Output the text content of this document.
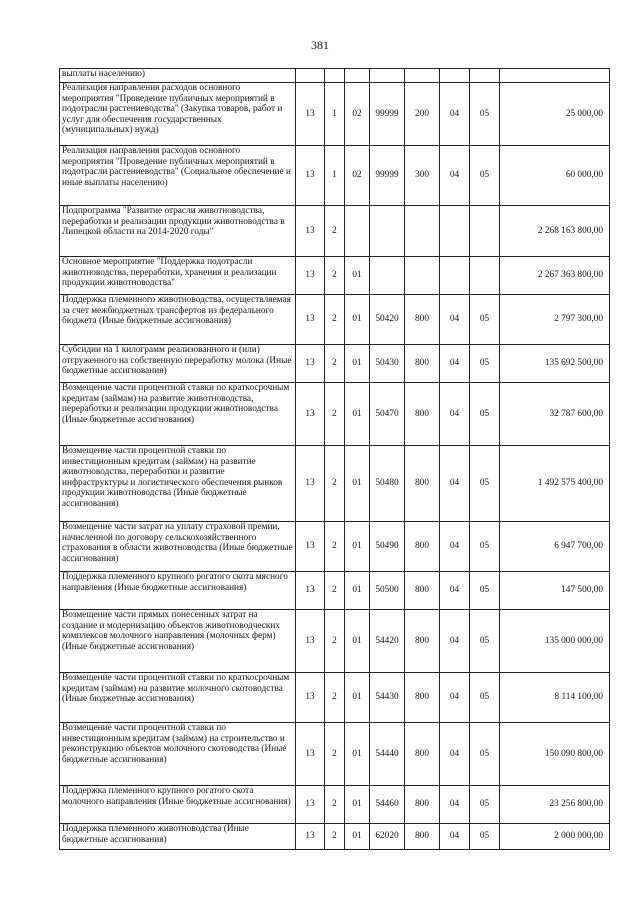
381
выплаты населению)								
Реализация направления расходов основного мероприятия "Проведение публичных мероприятий в подотрасли растениеводства" (Закупка товаров, работ и услуг для обеспечения государственных (муниципальных) нужд)	13	1	02	99999	200	04	05	25 000,00
Реализация направления расходов основного мероприятия "Проведение публичных мероприятий в подотрасли растениеводства" (Социальное обеспечение и иные выплаты населению)	13	1	02	99999	300	04	05	60 000,00
Подпрограмма "Развитие отрасли животноводства, переработки и реализации продукции животноводства в Липецкой области на 2014-2020 годы"	13	2						2 268 163 800,00
Основное мероприятие "Поддержка подотрасли животноводства, переработки, хранения и реализации продукции животноводства"	13	2	01					2 267 363 800,00
Поддержка племенного животноводства, осуществляемая за счет межбюджетных трансфертов из федерального бюджета (Иные бюджетные ассигнования)	13	2	01	50420	800	04	05	2 797 300,00
Субсидии на 1 килограмм реализованного и (или) отгруженного на собственную переработку молока (Иные бюджетные ассигнования)	13	2	01	50430	800	04	05	135 692 500,00
Возмещение части процентной ставки по краткосрочным кредитам (займам) на развитие животноводства, переработки и реализации продукции животноводства (Иные бюджетные ассигнования)	13	2	01	50470	800	04	05	32 787 600,00
Возмещение части процентной ставки по инвестиционным кредитам (займам) на развитие животноводства, переработки и развитие инфраструктуры и логистического обеспечения рынков продукции животноводства (Иные бюджетные ассигнования)	13	2	01	50480	800	04	05	1 492 575 400,00
Возмещение части затрат на уплату страховой премии, начисленной по договору сельскохозяйственного страхования в области животноводства (Иные бюджетные ассигнования)	13	2	01	50490	800	04	05	6 947 700,00
Поддержка племенного крупного рогатого скота мясного направления (Иные бюджетные ассигнования)	13	2	01	50500	800	04	05	147 500,00
Возмещение части прямых понесенных затрат на создание и модернизацию объектов животноводческих комплексов молочного направления (молочных ферм) (Иные бюджетные ассигнования)	13	2	01	54420	800	04	05	135 000 000,00
Возмещение части процентной ставки по краткосрочным кредитам (займам) на развитие молочного скотоводства (Иные бюджетные ассигнования)	13	2	01	54430	800	04	05	8 114 100,00
Возмещение части процентной ставки по инвестиционным кредитам (займам) на строительство и реконструкцию объектов молочного скотоводства (Иные бюджетные ассигнования)	13	2	01	54440	800	04	05	150 090 800,00
Поддержка племенного крупного рогатого скота молочного направления (Иные бюджетные ассигнования)	13	2	01	54460	800	04	05	23 256 800,00
Поддержка племенного животноводства (Иные бюджетные ассигнования)	13	2	01	62020	800	04	05	2 000 000,00
